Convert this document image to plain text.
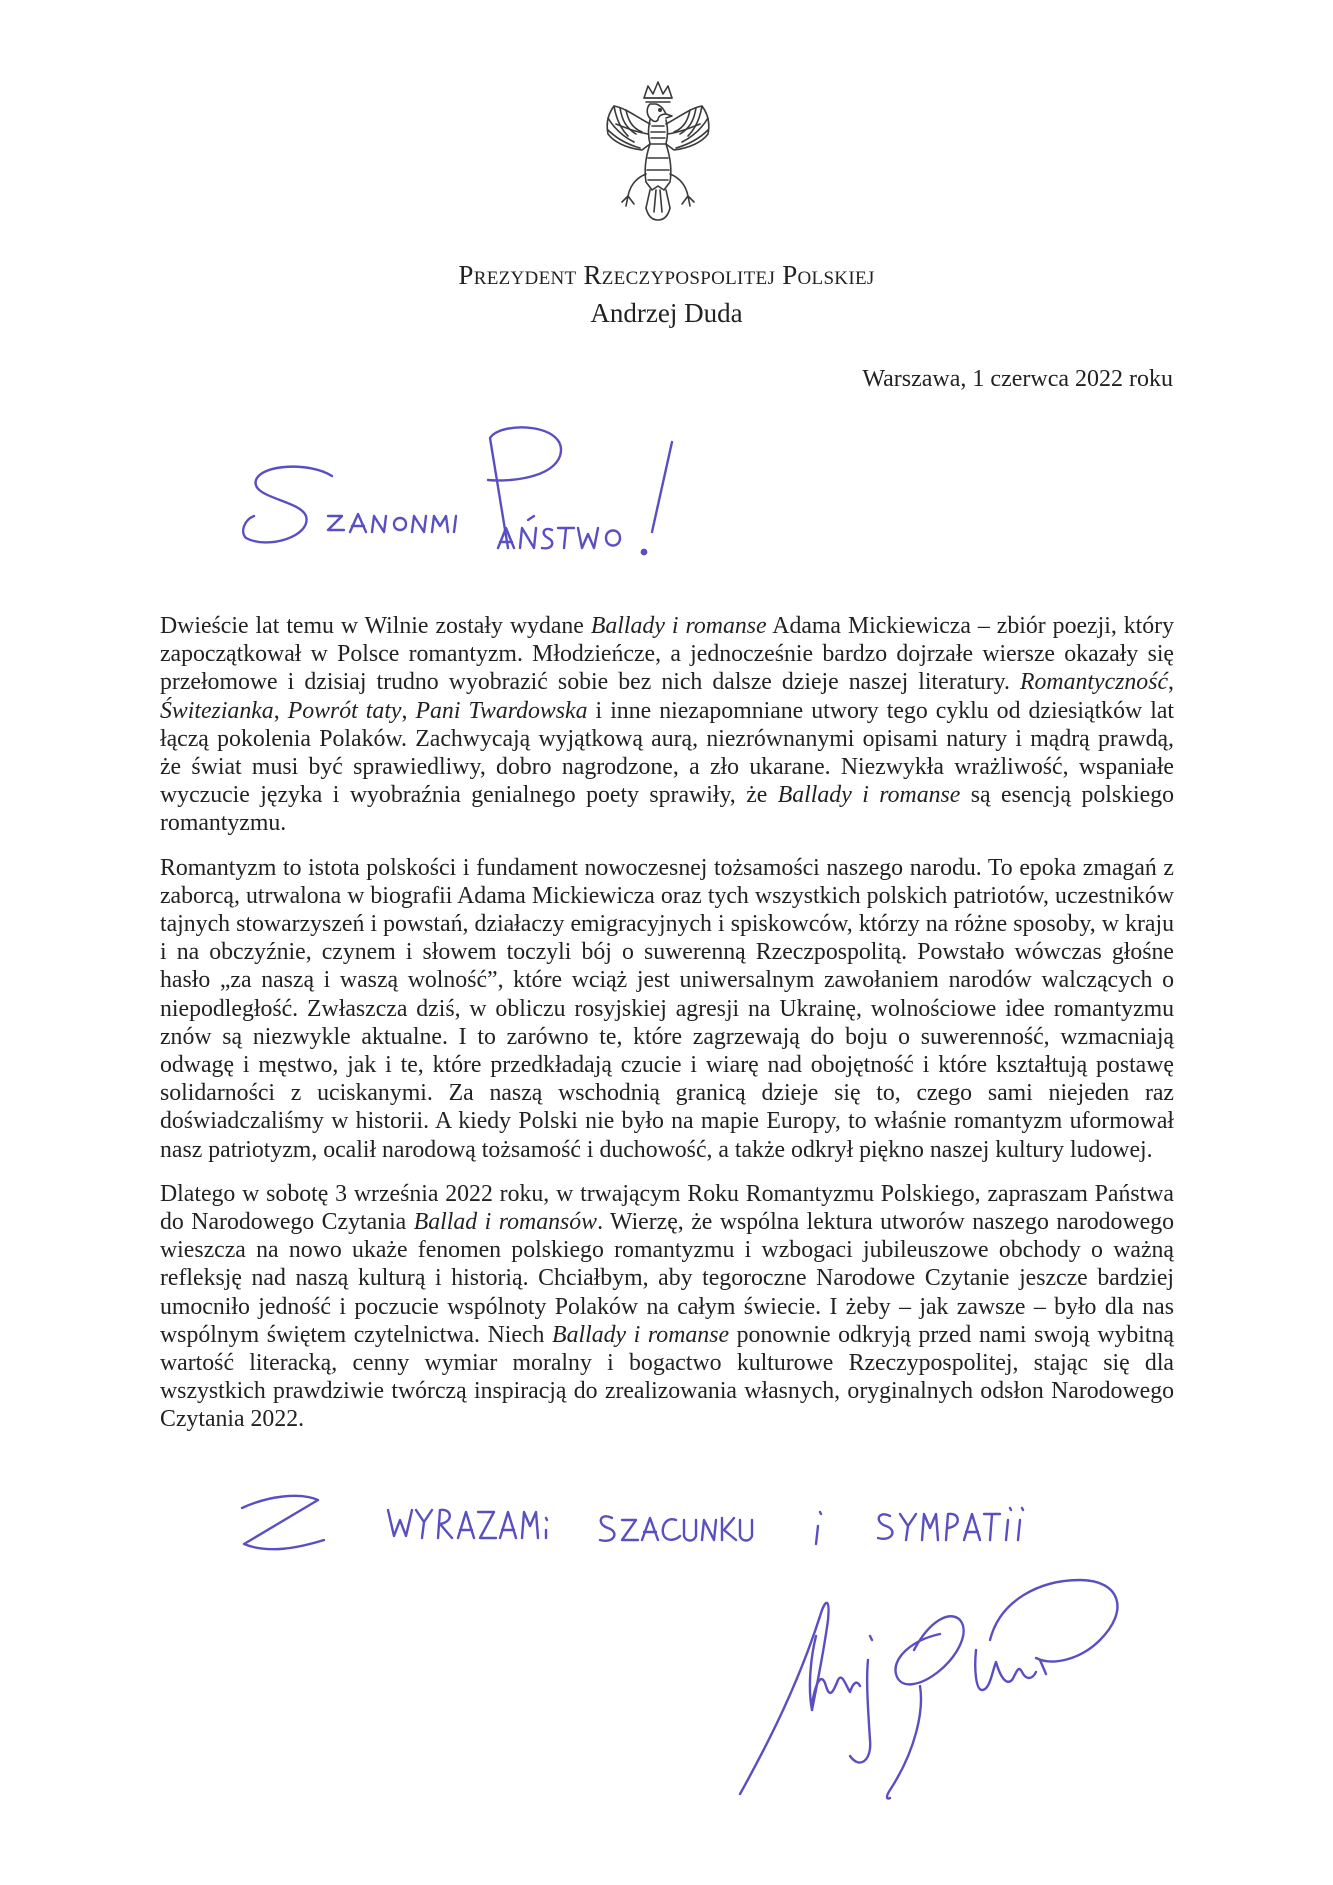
Prezydent Rzeczypospolitej Polskiej
Andrzej Duda
Warszawa, 1 czerwca 2022 roku

Dwieście lat temu w Wilnie zostały wydane Ballady i romanse Adama Mickiewicza – zbiór poezji, który zapoczątkował w Polsce romantyzm. Młodzieńcze, a jednocześnie bardzo dojrzałe wiersze okazały się przełomowe i dzisiaj trudno wyobrazić sobie bez nich dalsze dzieje naszej literatury. Romantyczność, Świtezianka, Powrót taty, Pani Twardowska i inne niezapomniane utwory tego cyklu od dziesiątków lat łączą pokolenia Polaków. Zachwycają wyjątkową aurą, niezrównanymi opisami natury i mądrą prawdą, że świat musi być sprawiedliwy, dobro nagrodzone, a zło ukarane. Niezwykła wrażliwość, wspaniałe wyczucie języka i wyobraźnia genialnego poety sprawiły, że Ballady i romanse są esencją polskiego romantyzmu.

Romantyzm to istota polskości i fundament nowoczesnej tożsamości naszego narodu. To epoka zmagań z zaborcą, utrwalona w biografii Adama Mickiewicza oraz tych wszystkich polskich patriotów, uczestników tajnych stowarzyszeń i powstań, działaczy emigracyjnych i spiskowców, którzy na różne sposoby, w kraju i na obczyźnie, czynem i słowem toczyli bój o suwerenną Rzeczpospolitą. Powstało wówczas głośne hasło „za naszą i waszą wolność”, które wciąż jest uniwersalnym zawołaniem narodów walczących o niepodległość. Zwłaszcza dziś, w obliczu rosyjskiej agresji na Ukrainę, wolnościowe idee romantyzmu znów są niezwykle aktualne. I to zarówno te, które zagrzewają do boju o suwerenność, wzmacniają odwagę i męstwo, jak i te, które przedkładają czucie i wiarę nad obojętność i które kształtują postawę solidarności z uciskanymi. Za naszą wschodnią granicą dzieje się to, czego sami niejeden raz doświadczaliśmy w historii. A kiedy Polski nie było na mapie Europy, to właśnie romantyzm uformował nasz patriotyzm, ocalił narodową tożsamość i duchowość, a także odkrył piękno naszej kultury ludowej.

Dlatego w sobotę 3 września 2022 roku, w trwającym Roku Romantyzmu Polskiego, zapraszam Państwa do Narodowego Czytania Ballad i romansów. Wierzę, że wspólna lektura utworów naszego narodowego wieszcza na nowo ukaże fenomen polskiego romantyzmu i wzbogaci jubileuszowe obchody o ważną refleksję nad naszą kulturą i historią. Chciałbym, aby tegoroczne Narodowe Czytanie jeszcze bardziej umocniło jedność i poczucie wspólnoty Polaków na całym świecie. I żeby – jak zawsze – było dla nas wspólnym świętem czytelnictwa. Niech Ballady i romanse ponownie odkryją przed nami swoją wybitną wartość literacką, cenny wymiar moralny i bogactwo kulturowe Rzeczypospolitej, stając się dla wszystkich prawdziwie twórczą inspiracją do zrealizowania własnych, oryginalnych odsłon Narodowego Czytania 2022.
